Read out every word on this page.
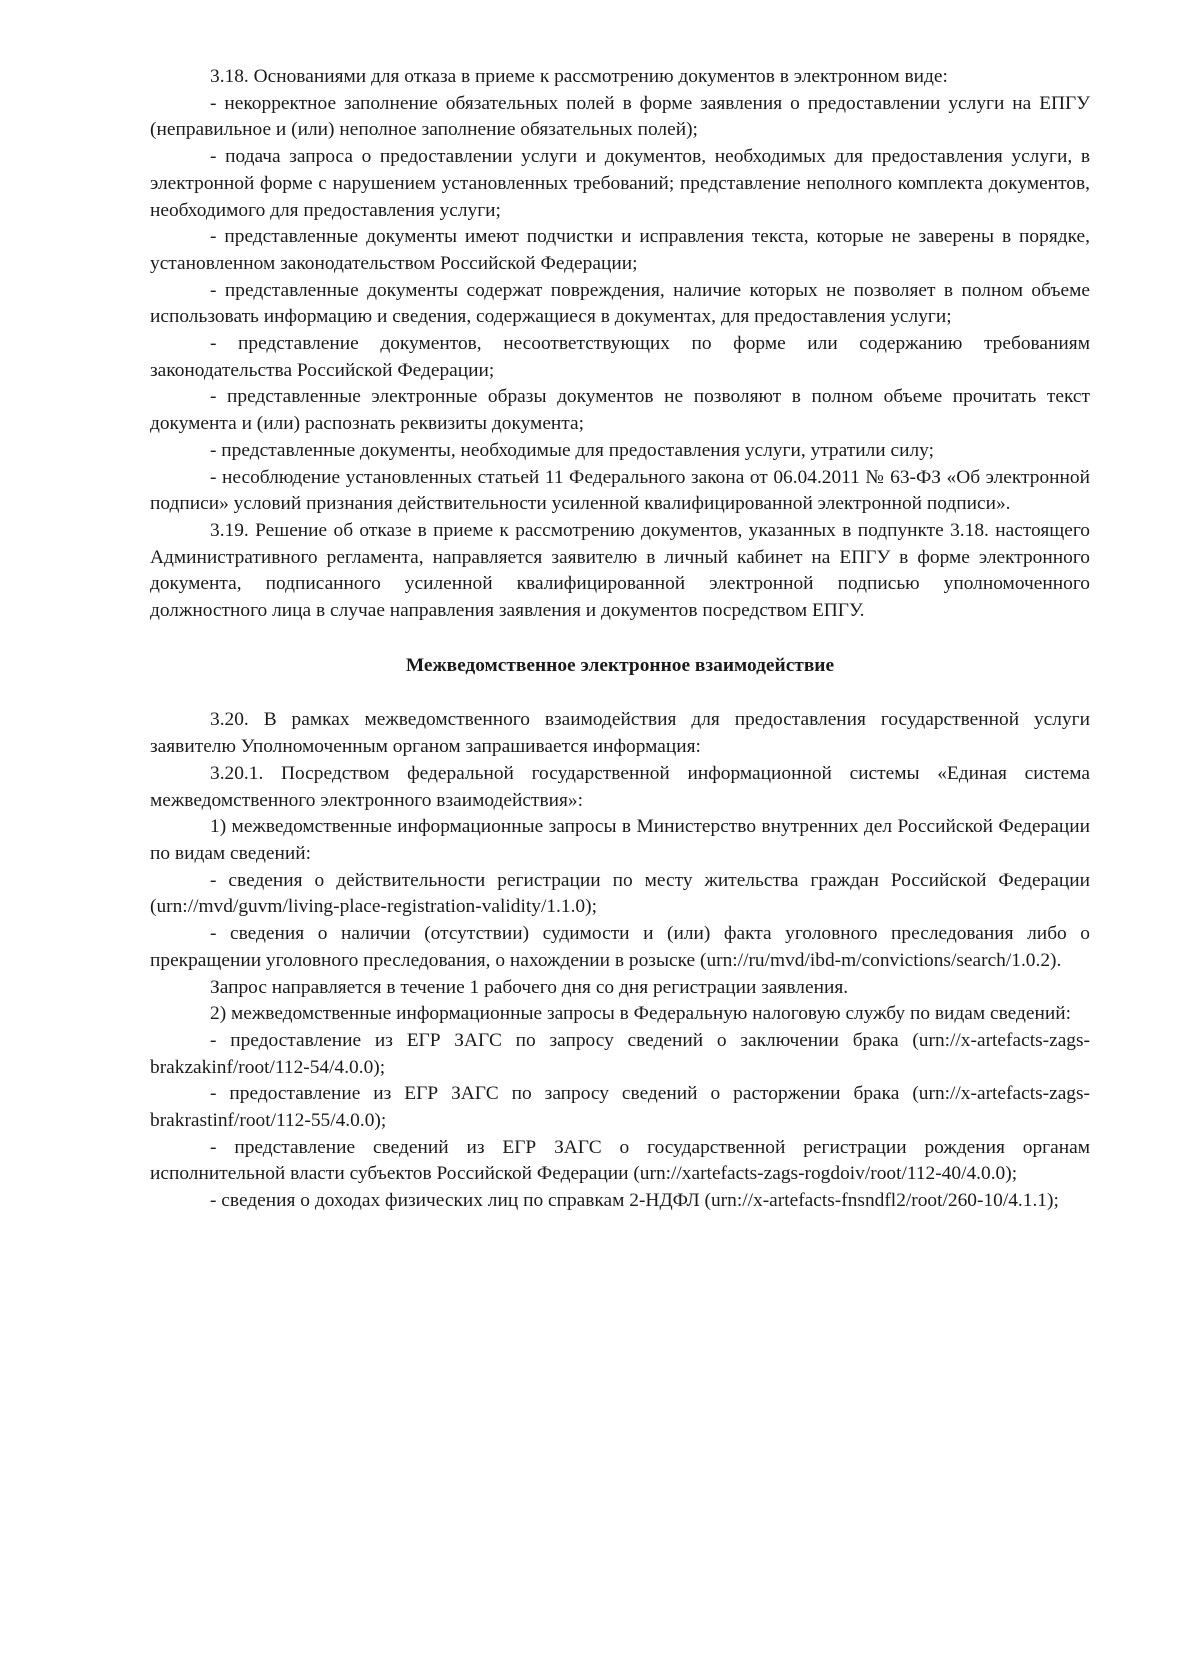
3.18. Основаниями для отказа в приеме к рассмотрению документов в электронном виде:

- некорректное заполнение обязательных полей в форме заявления о предоставлении услуги на ЕПГУ (неправильное и (или) неполное заполнение обязательных полей);

- подача запроса о предоставлении услуги и документов, необходимых для предоставления услуги, в электронной форме с нарушением установленных требований; представление неполного комплекта документов, необходимого для предоставления услуги;

- представленные документы имеют подчистки и исправления текста, которые не заверены в порядке, установленном законодательством Российской Федерации;

- представленные документы содержат повреждения, наличие которых не позволяет в полном объеме использовать информацию и сведения, содержащиеся в документах, для предоставления услуги;

- представление документов, несоответствующих по форме или содержанию требованиям законодательства Российской Федерации;

- представленные электронные образы документов не позволяют в полном объеме прочитать текст документа и (или) распознать реквизиты документа;

- представленные документы, необходимые для предоставления услуги, утратили силу;

- несоблюдение установленных статьей 11 Федерального закона от 06.04.2011 № 63-ФЗ «Об электронной подписи» условий признания действительности усиленной квалифицированной электронной подписи».

3.19. Решение об отказе в приеме к рассмотрению документов, указанных в подпункте 3.18. настоящего Административного регламента, направляется заявителю в личный кабинет на ЕПГУ в форме электронного документа, подписанного усиленной квалифицированной электронной подписью уполномоченного должностного лица в случае направления заявления и документов посредством ЕПГУ.

Межведомственное электронное взаимодействие

3.20. В рамках межведомственного взаимодействия для предоставления государственной услуги заявителю Уполномоченным органом запрашивается информация:

3.20.1. Посредством федеральной государственной информационной системы «Единая система межведомственного электронного взаимодействия»:

1) межведомственные информационные запросы в Министерство внутренних дел Российской Федерации по видам сведений:

- сведения о действительности регистрации по месту жительства граждан Российской Федерации (urn://mvd/guvm/living-place-registration-validity/1.1.0);

- сведения о наличии (отсутствии) судимости и (или) факта уголовного преследования либо о прекращении уголовного преследования, о нахождении в розыске (urn://ru/mvd/ibd-m/convictions/search/1.0.2).

Запрос направляется в течение 1 рабочего дня со дня регистрации заявления.

2) межведомственные информационные запросы в Федеральную налоговую службу по видам сведений:

- предоставление из ЕГР ЗАГС по запросу сведений о заключении брака (urn://x-artefacts-zags-brakzakinf/root/112-54/4.0.0);

- предоставление из ЕГР ЗАГС по запросу сведений о расторжении брака (urn://x-artefacts-zags-brakrastinf/root/112-55/4.0.0);

- представление сведений из ЕГР ЗАГС о государственной регистрации рождения органам исполнительной власти субъектов Российской Федерации (urn://xartefacts-zags-rogdoiv/root/112-40/4.0.0);

- сведения о доходах физических лиц по справкам 2-НДФЛ (urn://x-artefacts-fnsndfl2/root/260-10/4.1.1);
